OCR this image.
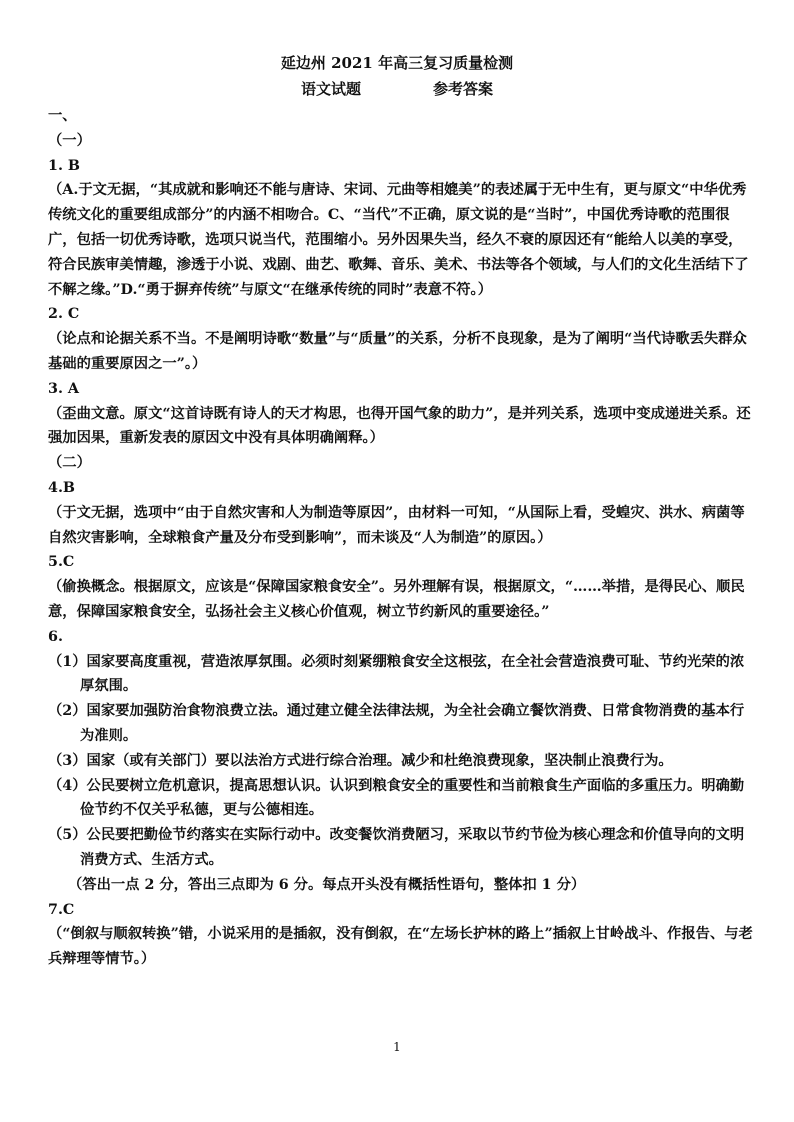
延边州 2021 年高三复习质量检测
语文试题	参考答案

一、

（一）

1. B

（A.于文无据，“其成就和影响还不能与唐诗、宋词、元曲等相媲美”的表述属于无中生有，更与原文“中华优秀传统文化的重要组成部分”的内涵不相吻合。C、“当代”不正确，原文说的是“当时”，中国优秀诗歌的范围很广，包括一切优秀诗歌，选项只说当代，范围缩小。另外因果失当，经久不衰的原因还有“能给人以美的享受，符合民族审美情趣，渗透于小说、戏剧、曲艺、歌舞、音乐、美术、书法等各个领域，与人们的文化生活结下了不解之缘。”D.“勇于摒弃传统”与原文“在继承传统的同时”表意不符。）

2. C

（论点和论据关系不当。不是阐明诗歌“数量”与“质量”的关系，分析不良现象，是为了阐明“当代诗歌丢失群众基础的重要原因之一”。）

3. A

（歪曲文意。原文“这首诗既有诗人的天才构思，也得开国气象的助力”，是并列关系，选项中变成递进关系。还强加因果，重新发表的原因文中没有具体明确阐释。）

（二）

4.B

（于文无据，选项中“由于自然灾害和人为制造等原因”，由材料一可知，“从国际上看，受蝗灾、洪水、病菌等自然灾害影响，全球粮食产量及分布受到影响”，而未谈及“人为制造”的原因。）

5.C

（偷换概念。根据原文，应该是“保障国家粮食安全”。另外理解有误，根据原文，“……举措，是得民心、顺民意，保障国家粮食安全，弘扬社会主义核心价值观，树立节约新风的重要途径。”

6.

（1）国家要高度重视，营造浓厚氛围。必须时刻紧绷粮食安全这根弦，在全社会营造浪费可耻、节约光荣的浓厚氛围。

（2）国家要加强防治食物浪费立法。通过建立健全法律法规，为全社会确立餐饮消费、日常食物消费的基本行为准则。

（3）国家（或有关部门）要以法治方式进行综合治理。减少和杜绝浪费现象，坚决制止浪费行为。

（4）公民要树立危机意识，提高思想认识。认识到粮食安全的重要性和当前粮食生产面临的多重压力。明确勤俭节约不仅关乎私德，更与公德相连。

（5）公民要把勤俭节约落实在实际行动中。改变餐饮消费陋习，采取以节约节俭为核心理念和价值导向的文明消费方式、生活方式。

（答出一点 2 分，答出三点即为 6 分。每点开头没有概括性语句，整体扣 1 分）

7.C

（“倒叙与顺叙转换”错，小说采用的是插叙，没有倒叙，在“左场长护林的路上”插叙上甘岭战斗、作报告、与老兵辩理等情节。）

1
